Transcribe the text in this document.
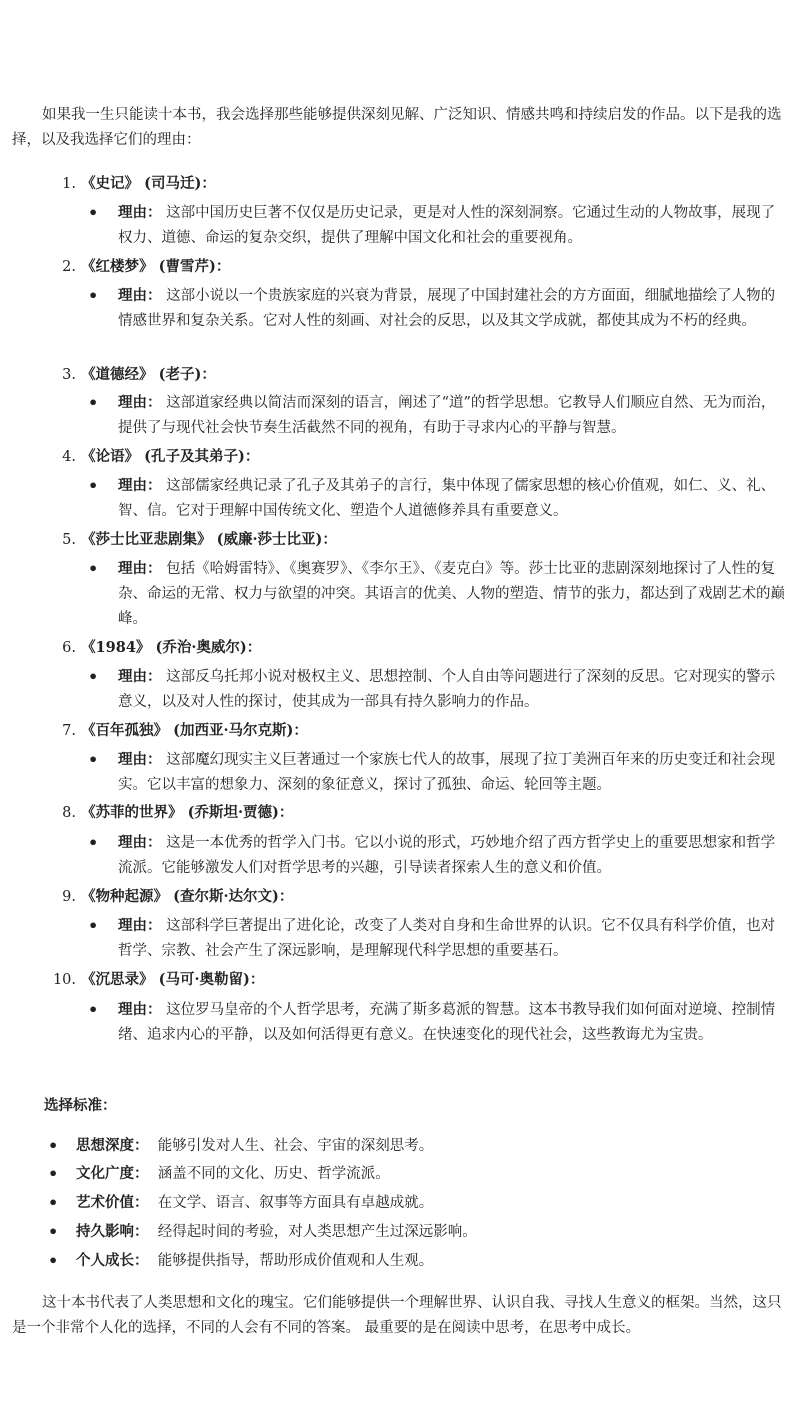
如果我一生只能读十本书，我会选择那些能够提供深刻见解、广泛知识、情感共鸣和持续启发的作品。以下是我的选择，以及我选择它们的理由：

1. 《史记》 (司马迁)：

• 理由： 这部中国历史巨著不仅仅是历史记录，更是对人性的深刻洞察。它通过生动的人物故事，展现了权力、道德、命运的复杂交织，提供了理解中国文化和社会的重要视角。

2. 《红楼梦》 (曹雪芹)：

• 理由： 这部小说以一个贵族家庭的兴衰为背景，展现了中国封建社会的方方面面，细腻地描绘了人物的情感世界和复杂关系。它对人性的刻画、对社会的反思，以及其文学成就，都使其成为不朽的经典。

3. 《道德经》 (老子)：

• 理由： 这部道家经典以简洁而深刻的语言，阐述了“道”的哲学思想。它教导人们顺应自然、无为而治，提供了与现代社会快节奏生活截然不同的视角，有助于寻求内心的平静与智慧。

4. 《论语》 (孔子及其弟子)：

• 理由： 这部儒家经典记录了孔子及其弟子的言行，集中体现了儒家思想的核心价值观，如仁、义、礼、智、信。它对于理解中国传统文化、塑造个人道德修养具有重要意义。

5. 《莎士比亚悲剧集》 (威廉·莎士比亚)：

• 理由： 包括《哈姆雷特》、《奥赛罗》、《李尔王》、《麦克白》等。莎士比亚的悲剧深刻地探讨了人性的复杂、命运的无常、权力与欲望的冲突。其语言的优美、人物的塑造、情节的张力，都达到了戏剧艺术的巅峰。

6. 《1984》 (乔治·奥威尔)：

• 理由： 这部反乌托邦小说对极权主义、思想控制、个人自由等问题进行了深刻的反思。它对现实的警示意义，以及对人性的探讨，使其成为一部具有持久影响力的作品。

7. 《百年孤独》 (加西亚·马尔克斯)：

• 理由： 这部魔幻现实主义巨著通过一个家族七代人的故事，展现了拉丁美洲百年来的历史变迁和社会现实。它以丰富的想象力、深刻的象征意义，探讨了孤独、命运、轮回等主题。

8. 《苏菲的世界》 (乔斯坦·贾德)：

• 理由： 这是一本优秀的哲学入门书。它以小说的形式，巧妙地介绍了西方哲学史上的重要思想家和哲学流派。它能够激发人们对哲学思考的兴趣，引导读者探索人生的意义和价值。

9. 《物种起源》 (查尔斯·达尔文)：

• 理由： 这部科学巨著提出了进化论，改变了人类对自身和生命世界的认识。它不仅具有科学价值，也对哲学、宗教、社会产生了深远影响，是理解现代科学思想的重要基石。

10. 《沉思录》 (马可·奥勒留)：

• 理由： 这位罗马皇帝的个人哲学思考，充满了斯多葛派的智慧。这本书教导我们如何面对逆境、控制情绪、追求内心的平静，以及如何活得更有意义。在快速变化的现代社会，这些教诲尤为宝贵。

选择标准：

• 思想深度： 能够引发对人生、社会、宇宙的深刻思考。

• 文化广度： 涵盖不同的文化、历史、哲学流派。

• 艺术价值： 在文学、语言、叙事等方面具有卓越成就。

• 持久影响： 经得起时间的考验，对人类思想产生过深远影响。

• 个人成长： 能够提供指导，帮助形成价值观和人生观。

这十本书代表了人类思想和文化的瑰宝。它们能够提供一个理解世界、认识自我、寻找人生意义的框架。当然，这只是一个非常个人化的选择，不同的人会有不同的答案。 最重要的是在阅读中思考，在思考中成长。
